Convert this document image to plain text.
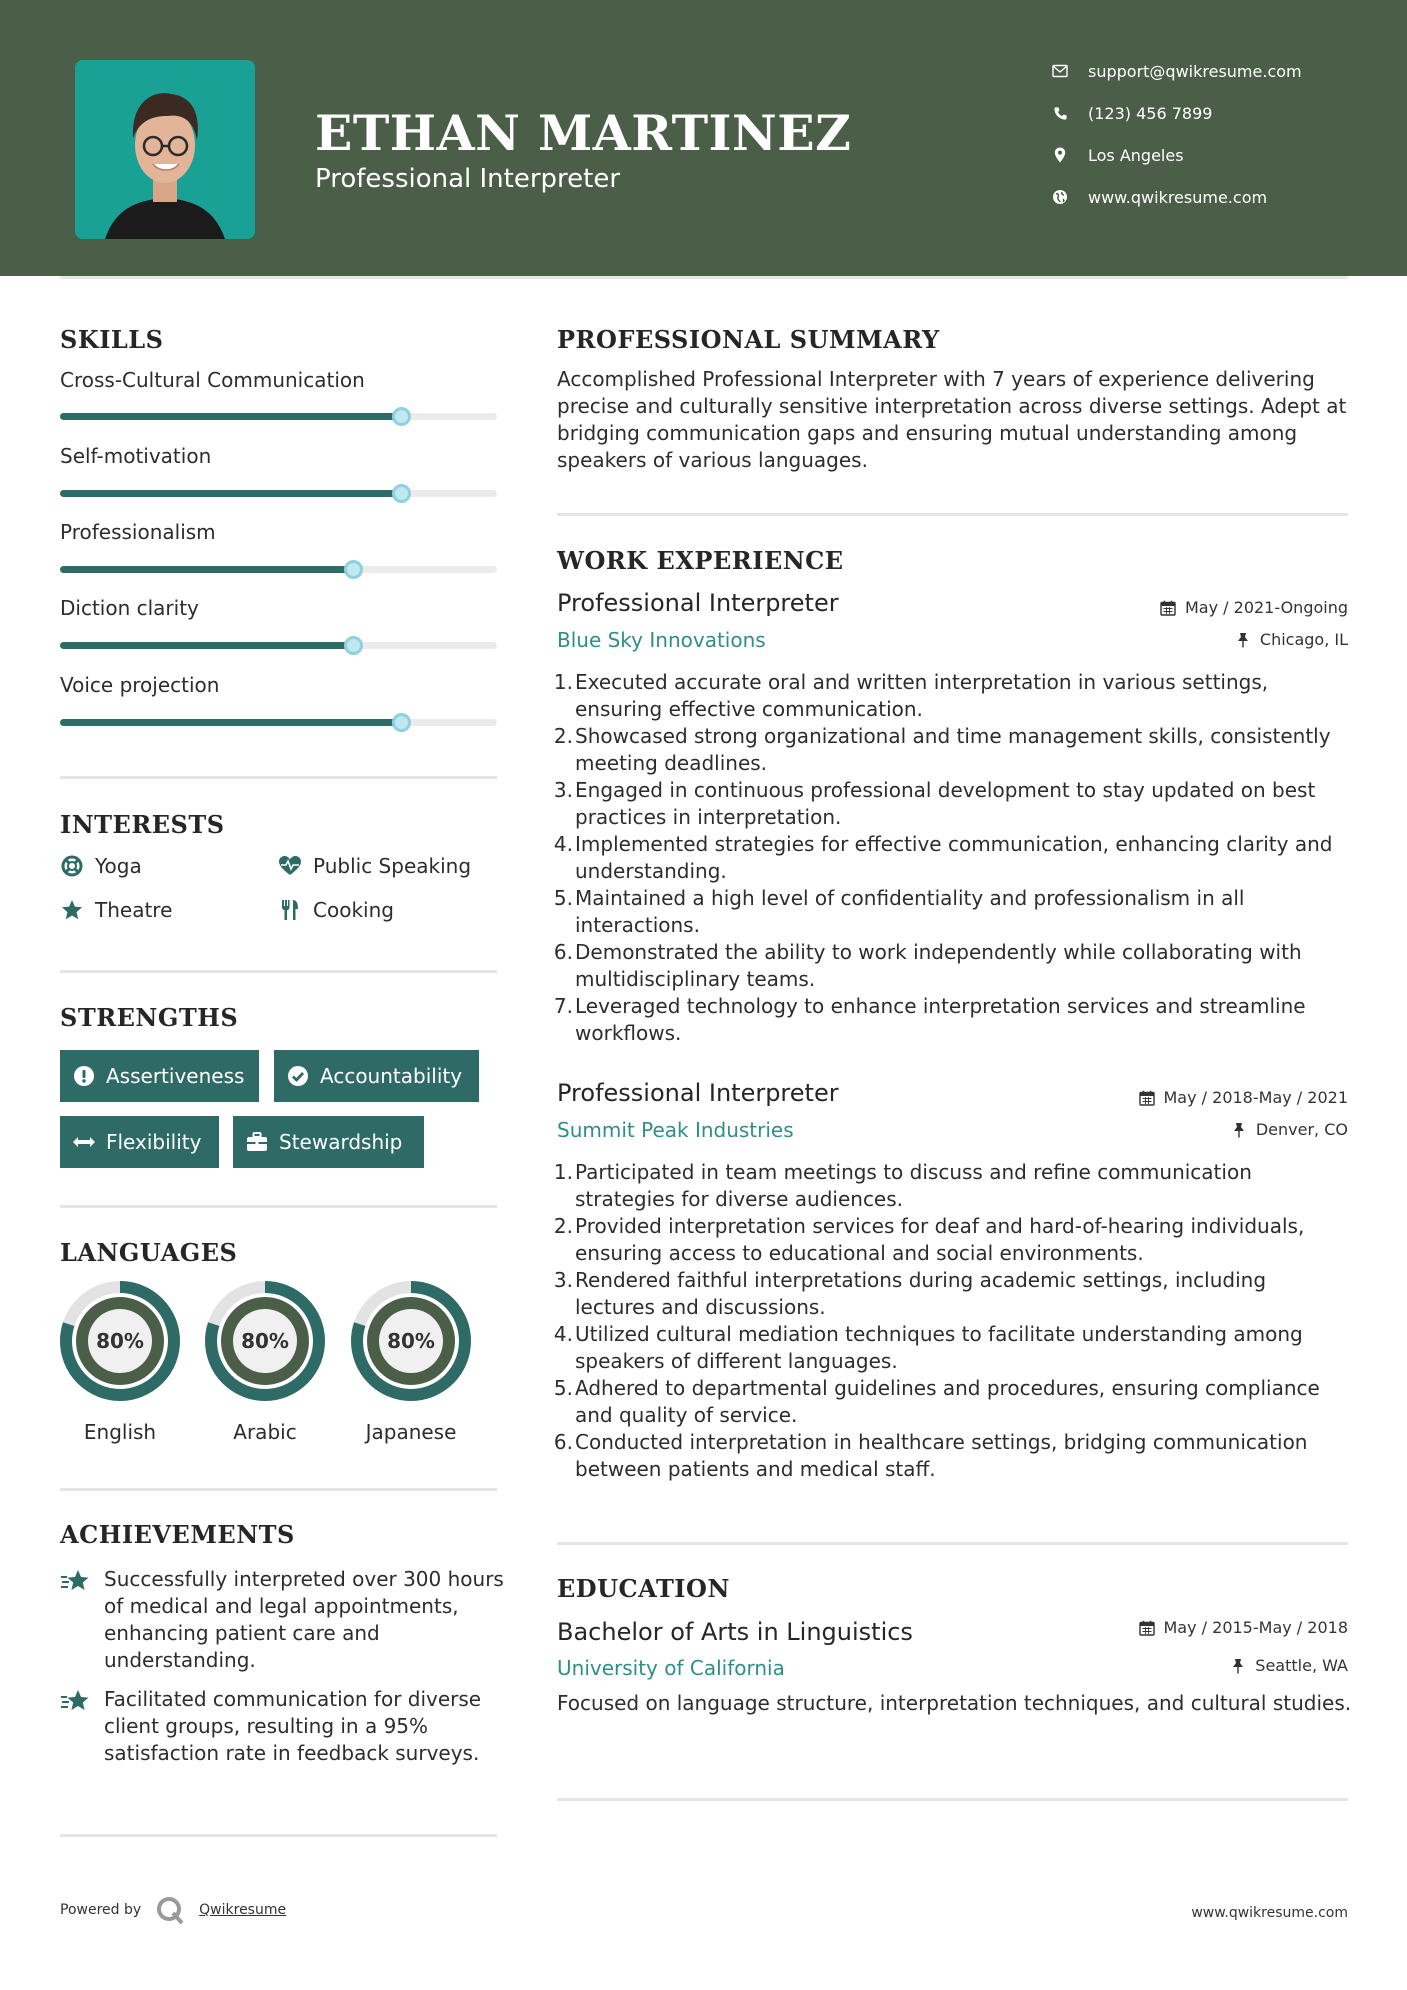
ETHAN MARTINEZ
Professional Interpreter
support@qwikresume.com
(123) 456 7899
Los Angeles
www.qwikresume.com
SKILLS
Cross-Cultural Communication
Self-motivation
Professionalism
Diction clarity
Voice projection
INTERESTS
Yoga	Public Speaking
Theatre	Cooking
STRENGTHS
Assertiveness	Accountability
Flexibility	Stewardship
LANGUAGES
80%
English
80%
Arabic
80%
Japanese
ACHIEVEMENTS
Successfully interpreted over 300 hours of medical and legal appointments, enhancing patient care and understanding.
Facilitated communication for diverse client groups, resulting in a 95% satisfaction rate in feedback surveys.
PROFESSIONAL SUMMARY
Accomplished Professional Interpreter with 7 years of experience delivering precise and culturally sensitive interpretation across diverse settings. Adept at bridging communication gaps and ensuring mutual understanding among speakers of various languages.
WORK EXPERIENCE
Professional Interpreter	May / 2021-Ongoing
Blue Sky Innovations	Chicago, IL
1. Executed accurate oral and written interpretation in various settings, ensuring effective communication.
2. Showcased strong organizational and time management skills, consistently meeting deadlines.
3. Engaged in continuous professional development to stay updated on best practices in interpretation.
4. Implemented strategies for effective communication, enhancing clarity and understanding.
5. Maintained a high level of confidentiality and professionalism in all interactions.
6. Demonstrated the ability to work independently while collaborating with multidisciplinary teams.
7. Leveraged technology to enhance interpretation services and streamline workflows.
Professional Interpreter	May / 2018-May / 2021
Summit Peak Industries	Denver, CO
1. Participated in team meetings to discuss and refine communication strategies for diverse audiences.
2. Provided interpretation services for deaf and hard-of-hearing individuals, ensuring access to educational and social environments.
3. Rendered faithful interpretations during academic settings, including lectures and discussions.
4. Utilized cultural mediation techniques to facilitate understanding among speakers of different languages.
5. Adhered to departmental guidelines and procedures, ensuring compliance and quality of service.
6. Conducted interpretation in healthcare settings, bridging communication between patients and medical staff.
EDUCATION
Bachelor of Arts in Linguistics	May / 2015-May / 2018
University of California	Seattle, WA
Focused on language structure, interpretation techniques, and cultural studies.
Powered by	Qwikresume	www.qwikresume.com
